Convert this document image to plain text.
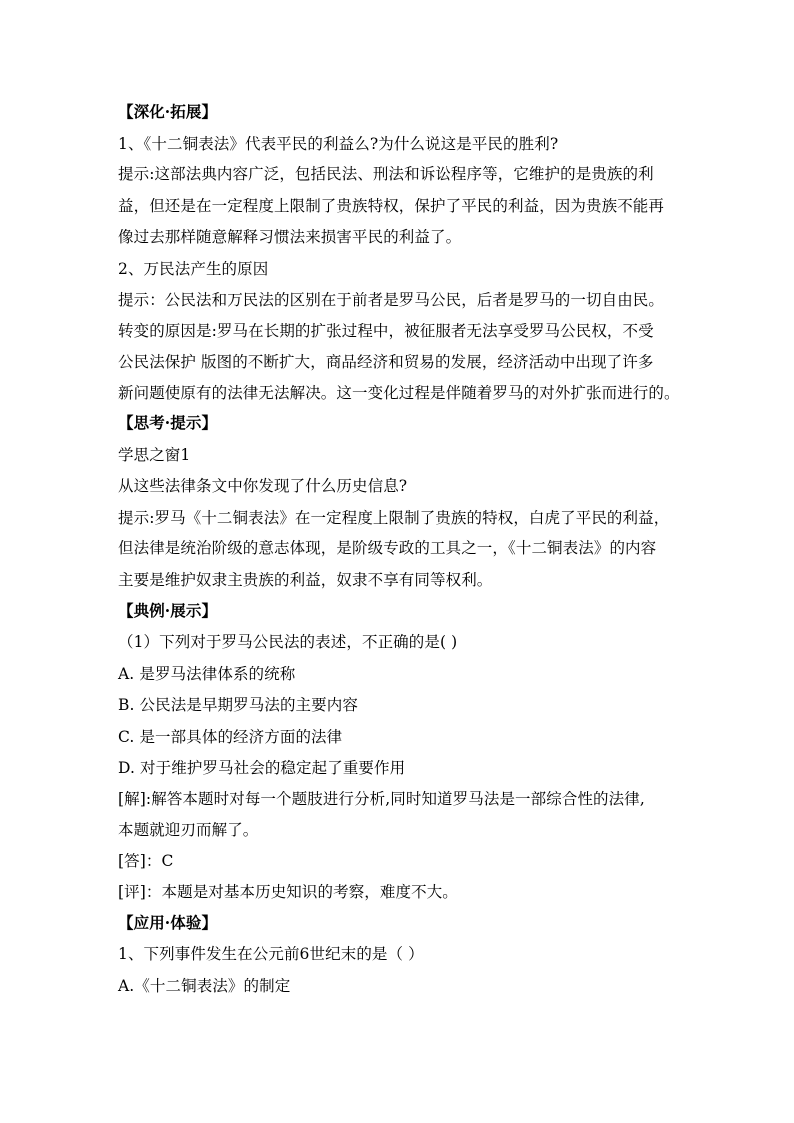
【深化·拓展】
1、《十二铜表法》代表平民的利益么?为什么说这是平民的胜利?
提示:这部法典内容广泛，包括民法、刑法和诉讼程序等，它维护的是贵族的利
益，但还是在一定程度上限制了贵族特权，保护了平民的利益，因为贵族不能再
像过去那样随意解释习惯法来损害平民的利益了。
2、万民法产生的原因
提示：公民法和万民法的区别在于前者是罗马公民，后者是罗马的一切自由民。
转变的原因是:罗马在长期的扩张过程中，被征服者无法享受罗马公民权，不受
公民法保护 版图的不断扩大，商品经济和贸易的发展，经济活动中出现了许多
新问题使原有的法律无法解决。这一变化过程是伴随着罗马的对外扩张而进行的。
【思考·提示】
学思之窗1
从这些法律条文中你发现了什么历史信息?
提示:罗马《十二铜表法》在一定程度上限制了贵族的特权，白虎了平民的利益，
但法律是统治阶级的意志体现，是阶级专政的工具之一，《十二铜表法》的内容
主要是维护奴隶主贵族的利益，奴隶不享有同等权利。
【典例·展示】
（1）下列对于罗马公民法的表述，不正确的是( )
A. 是罗马法律体系的统称
B. 公民法是早期罗马法的主要内容
C. 是一部具体的经济方面的法律
D. 对于维护罗马社会的稳定起了重要作用
[解]:解答本题时对每一个题肢进行分析,同时知道罗马法是一部综合性的法律,
本题就迎刃而解了。
[答]：C
[评]：本题是对基本历史知识的考察，难度不大。
【应用·体验】
1、下列事件发生在公元前6世纪末的是（ ）
A.《十二铜表法》的制定
